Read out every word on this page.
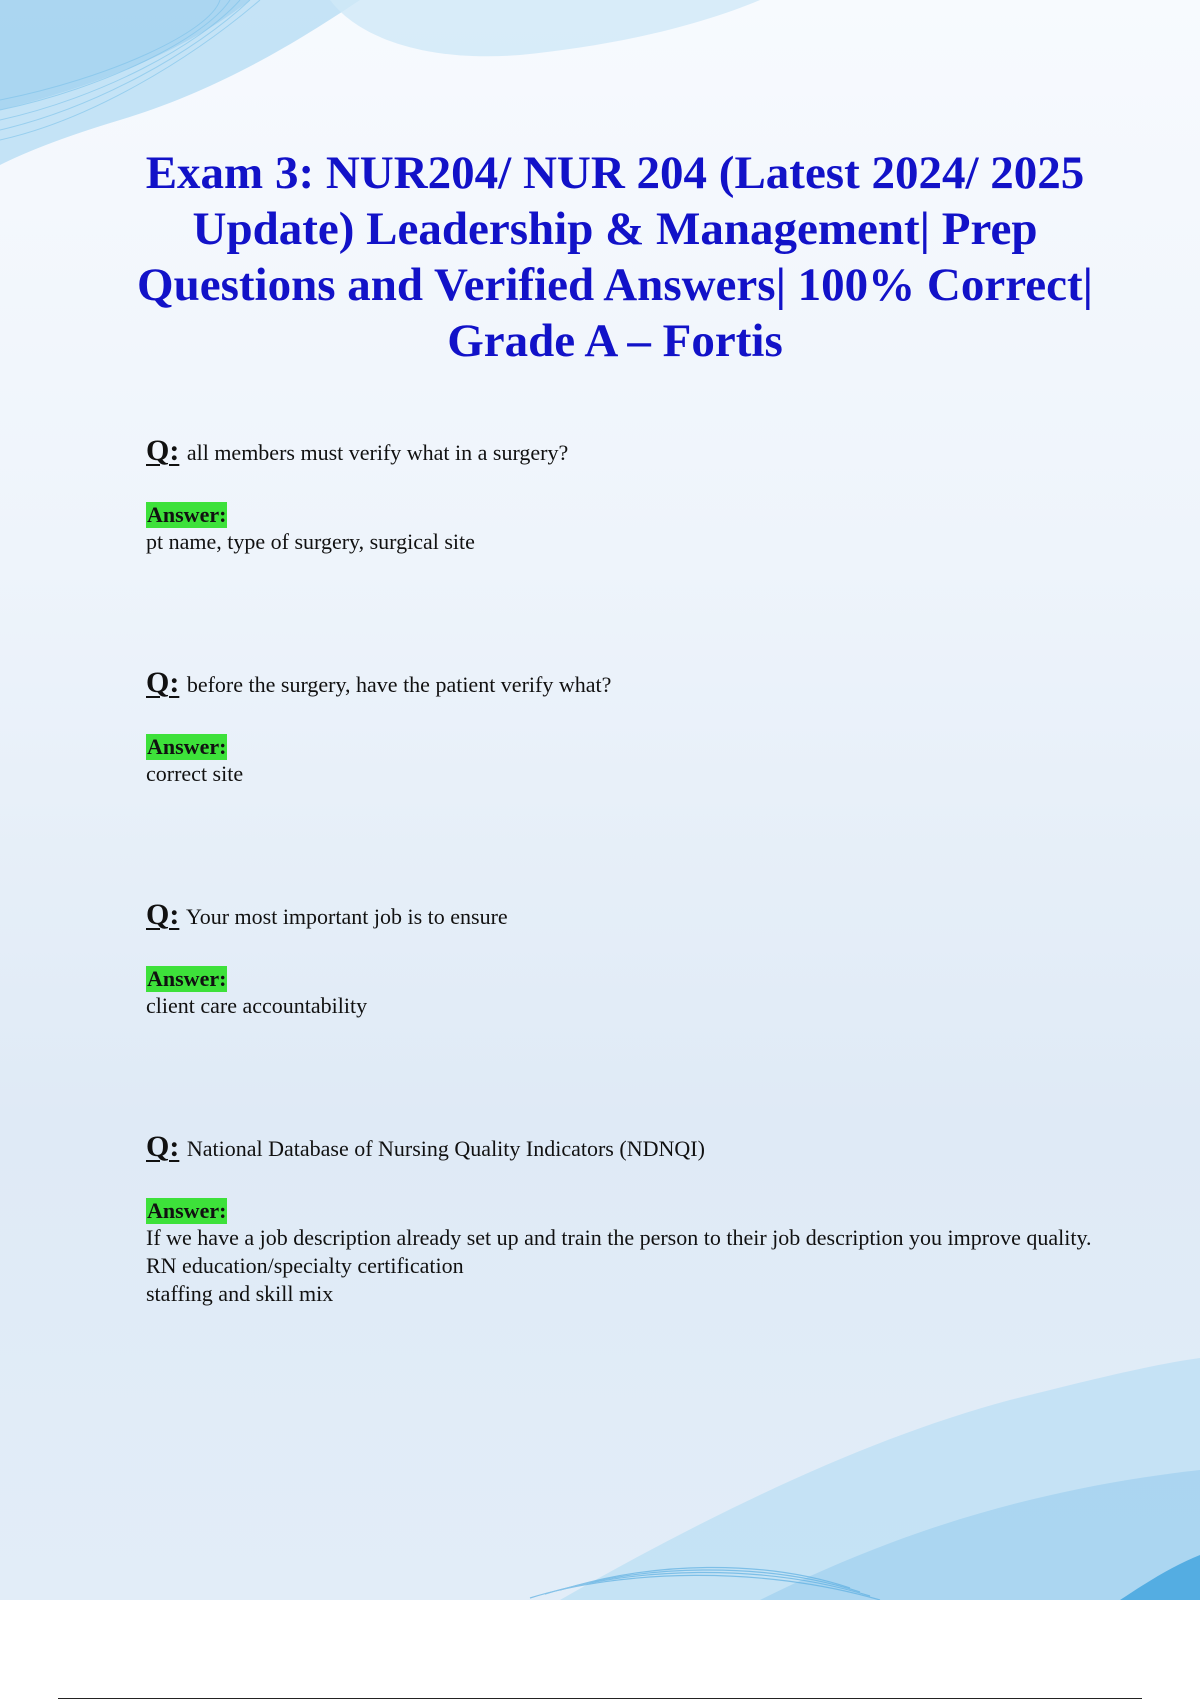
Exam 3: NUR204/ NUR 204 (Latest 2024/ 2025 Update) Leadership & Management| Prep Questions and Verified Answers| 100% Correct| Grade A – Fortis
Q: all members must verify what in a surgery?
Answer:
pt name, type of surgery, surgical site
Q: before the surgery, have the patient verify what?
Answer:
correct site
Q: Your most important job is to ensure
Answer:
client care accountability
Q: National Database of Nursing Quality Indicators (NDNQI)
Answer:
If we have a job description already set up and train the person to their job description you improve quality.
RN education/specialty certification
staffing and skill mix
